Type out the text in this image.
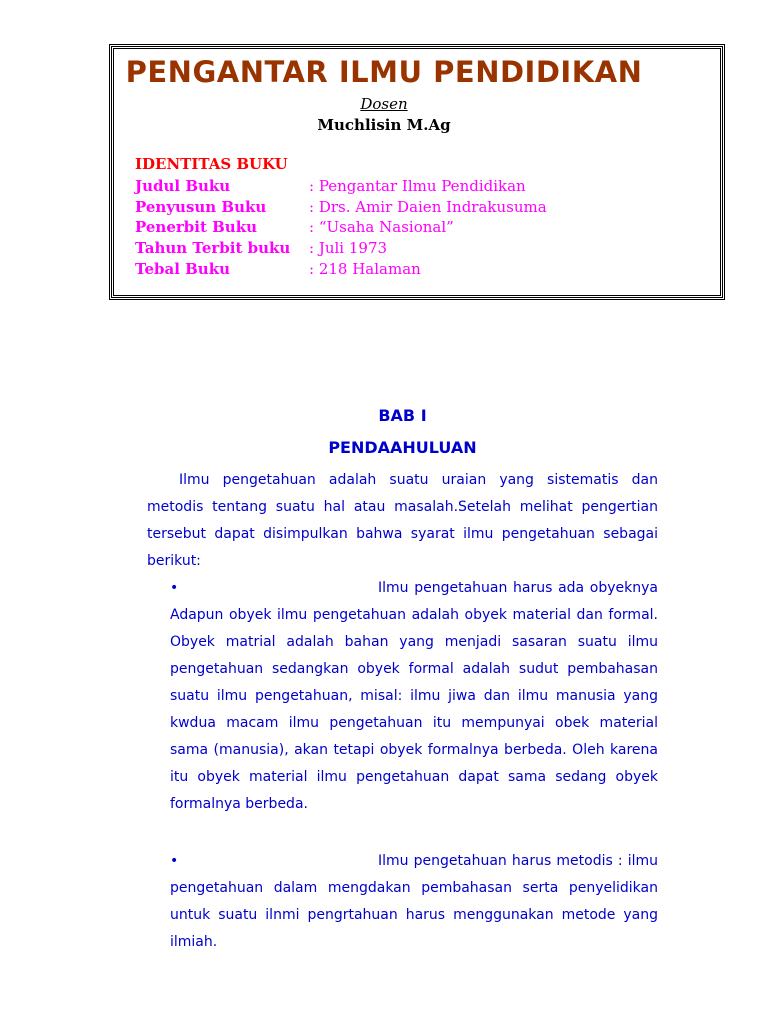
PENGANTAR ILMU PENDIDIKAN
Dosen
Muchlisin M.Ag
IDENTITAS BUKU
Judul Buku	: Pengantar Ilmu Pendidikan
Penyusun Buku	: Drs. Amir Daien Indrakusuma
Penerbit Buku	: “Usaha Nasional”
Tahun Terbit buku : Juli 1973
Tebal Buku	: 218 Halaman
BAB I
PENDAAHULUAN

Ilmu pengetahuan adalah suatu uraian yang sistematis dan metodis tentang suatu hal atau masalah.Setelah melihat pengertian tersebut dapat disimpulkan bahwa syarat ilmu pengetahuan sebagai berikut:

•	Ilmu pengetahuan harus ada obyeknya Adapun obyek ilmu pengetahuan adalah obyek material dan formal. Obyek matrial adalah bahan yang menjadi sasaran suatu ilmu pengetahuan sedangkan obyek formal adalah sudut pembahasan suatu ilmu pengetahuan, misal: ilmu jiwa dan ilmu manusia yang kwdua macam ilmu pengetahuan itu mempunyai obek material sama (manusia), akan tetapi obyek formalnya berbeda. Oleh karena itu obyek material ilmu pengetahuan dapat sama sedang obyek formalnya berbeda.

•	Ilmu pengetahuan harus metodis : ilmu pengetahuan dalam mengdakan pembahasan serta penyelidikan untuk suatu ilnmi pengrtahuan harus menggunakan metode yang ilmiah.
